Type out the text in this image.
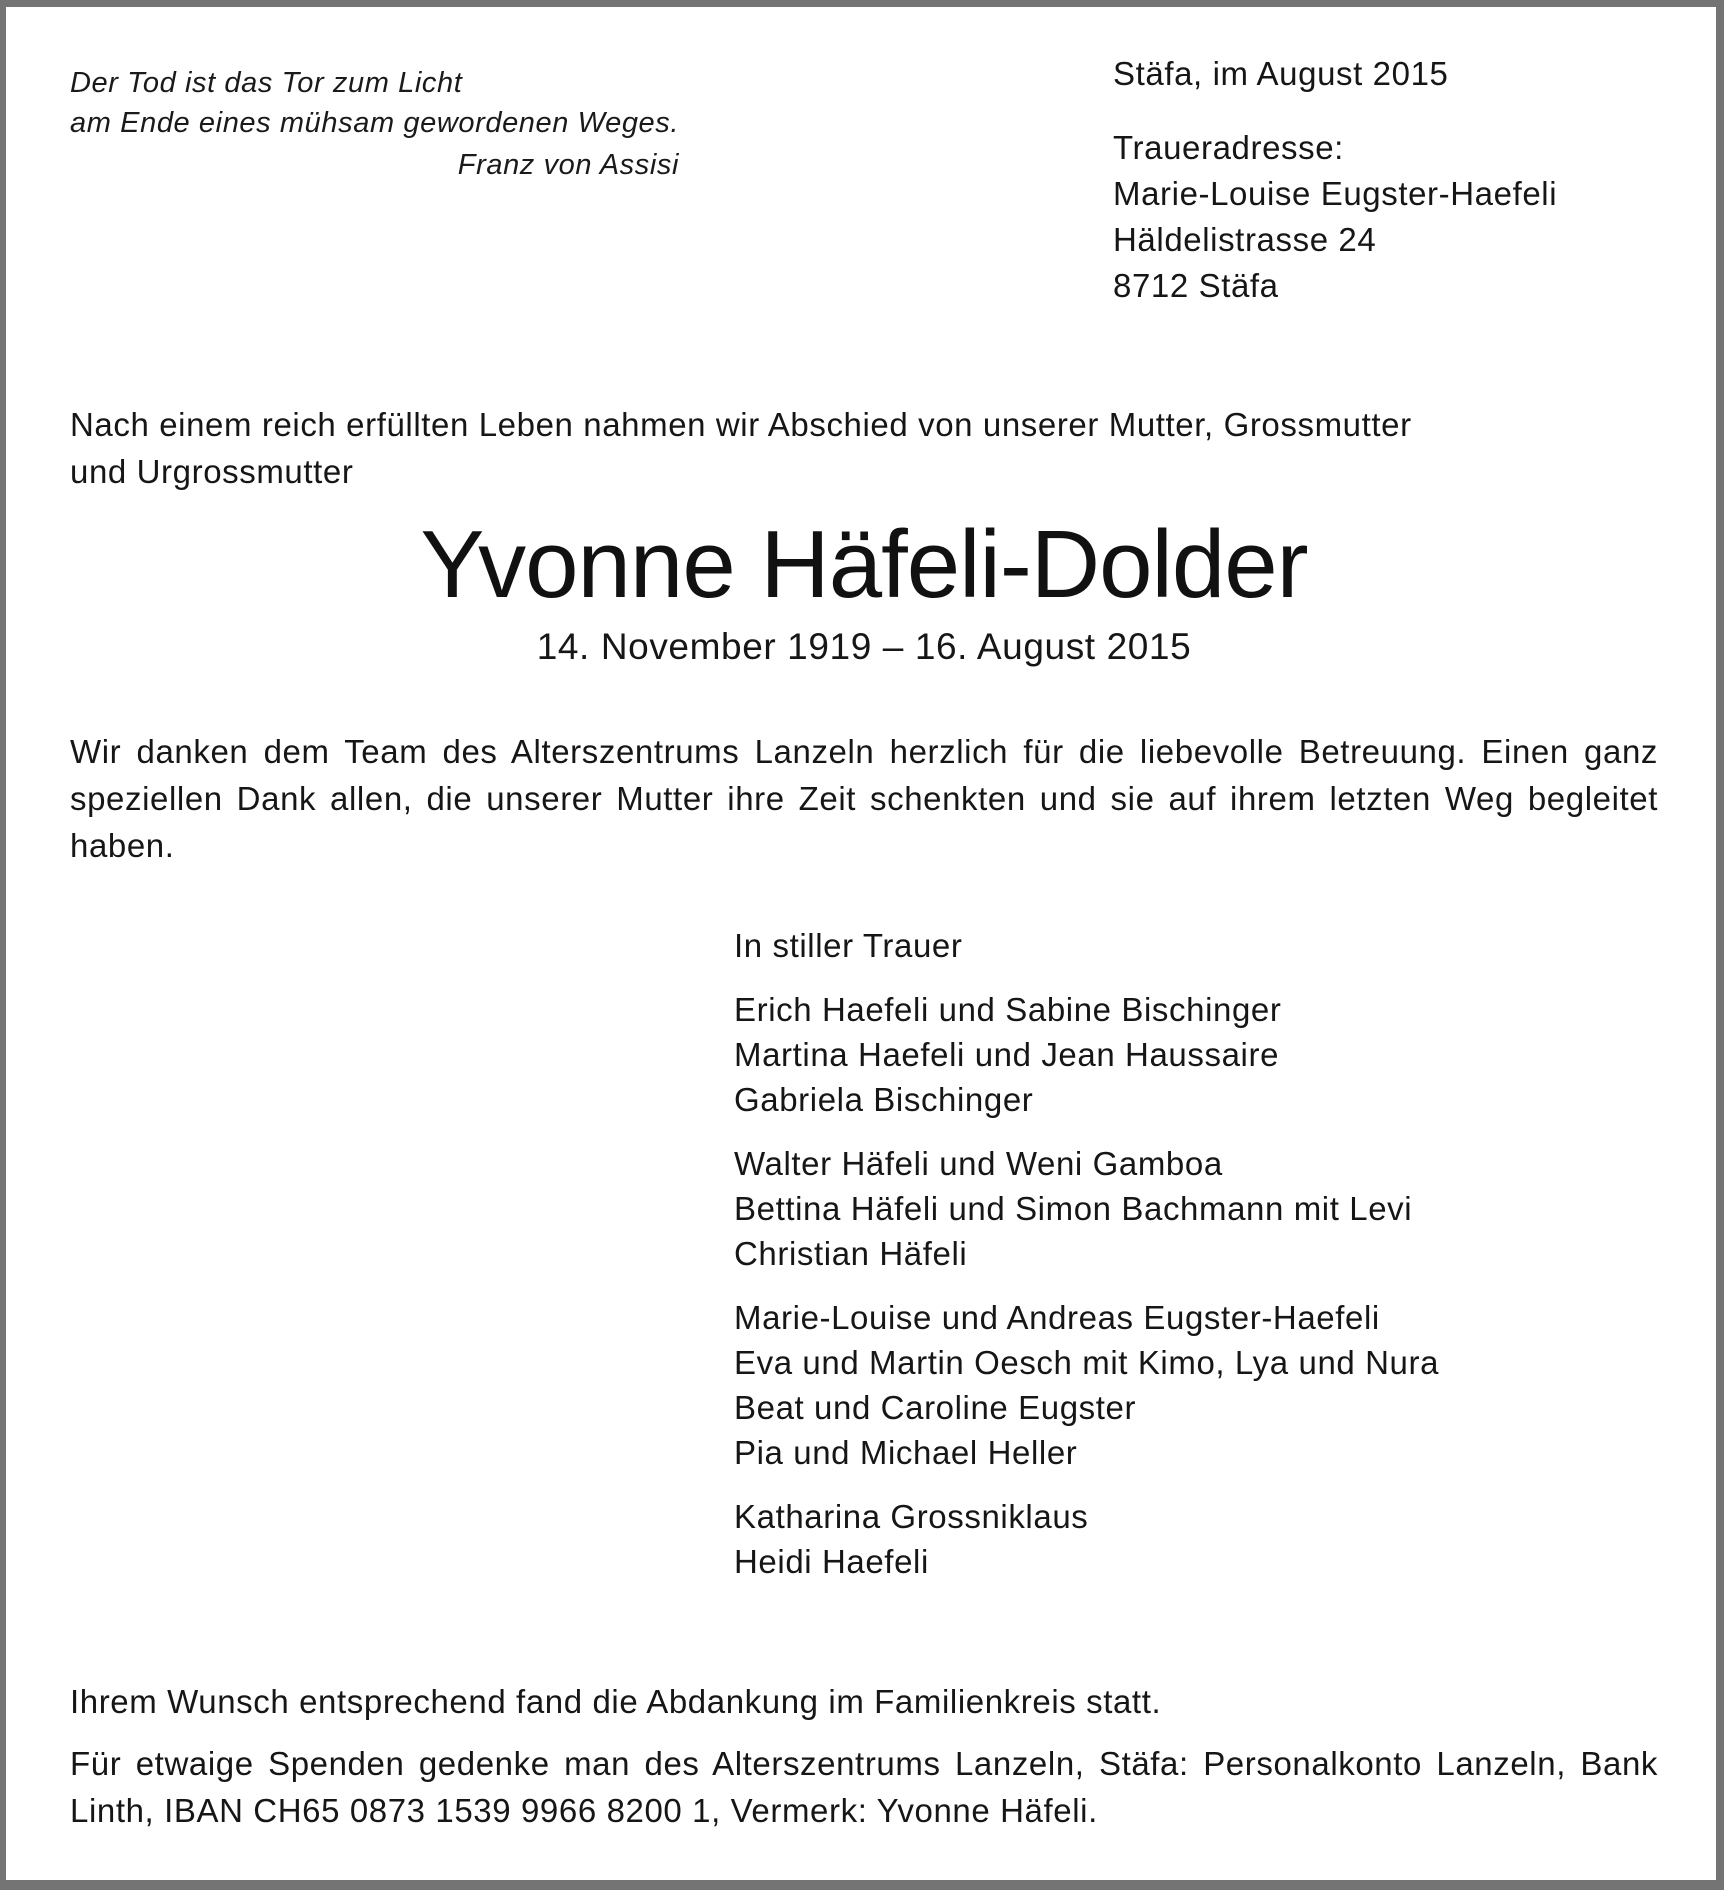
Der Tod ist das Tor zum Licht

am Ende eines mühsam gewordenen Weges.

Franz von Assisi

Stäfa, im August 2015

Traueradresse:

Marie-Louise Eugster-Haefeli

Häldelistrasse 24

8712 Stäfa

Nach einem reich erfüllten Leben nahmen wir Abschied von unserer Mutter, Grossmutter

und Urgrossmutter

Yvonne Häfeli-Dolder

14. November 1919 – 16. August 2015

Wir danken dem Team des Alterszentrums Lanzeln herzlich für die liebevolle Betreuung. Einen ganz speziellen Dank allen, die unserer Mutter ihre Zeit schenkten und sie auf ihrem letzten Weg begleitet haben.

In stiller Trauer

Erich Haefeli und Sabine Bischinger

Martina Haefeli und Jean Haussaire

Gabriela Bischinger

Walter Häfeli und Weni Gamboa

Bettina Häfeli und Simon Bachmann mit Levi

Christian Häfeli

Marie-Louise und Andreas Eugster-Haefeli

Eva und Martin Oesch mit Kimo, Lya und Nura

Beat und Caroline Eugster

Pia und Michael Heller

Katharina Grossniklaus

Heidi Haefeli

Ihrem Wunsch entsprechend fand die Abdankung im Familienkreis statt.

Für etwaige Spenden gedenke man des Alterszentrums Lanzeln, Stäfa: Personalkonto Lanzeln, Bank Linth, IBAN CH65 0873 1539 9966 8200 1, Vermerk: Yvonne Häfeli.
